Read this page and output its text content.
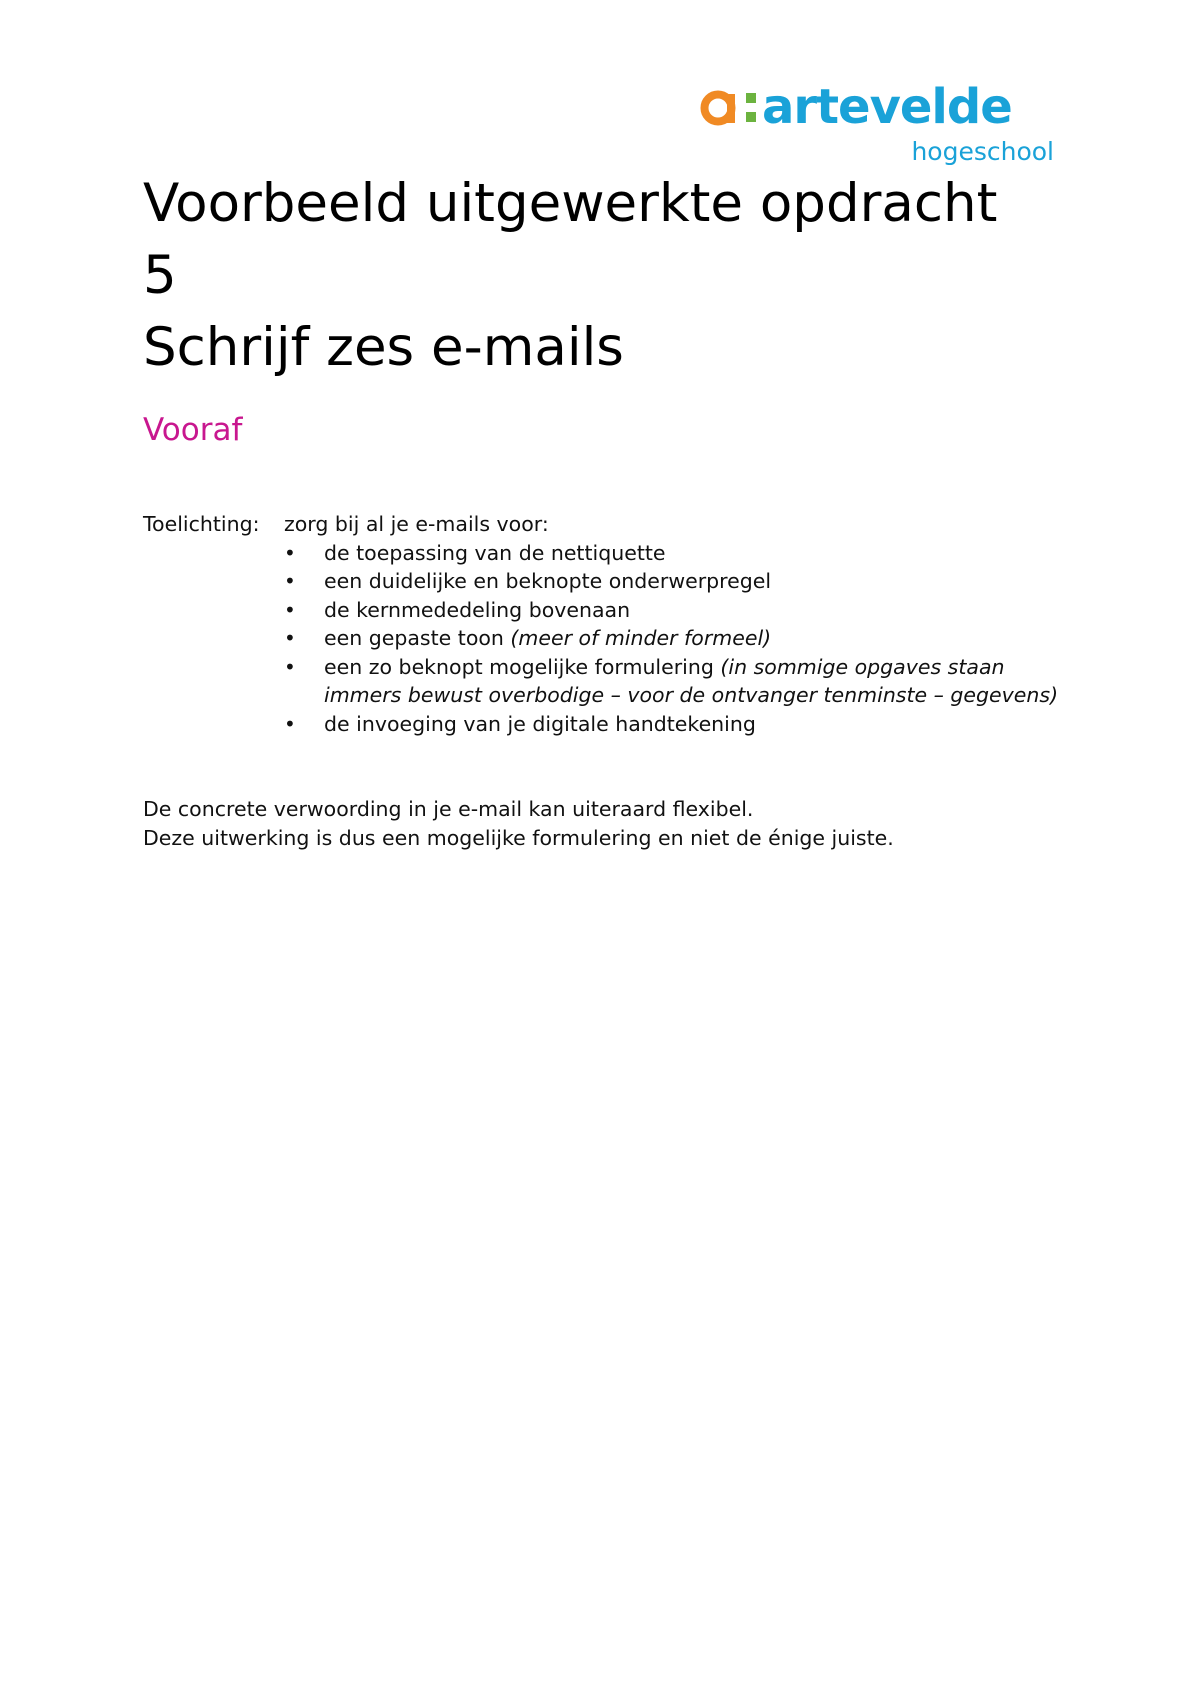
artevelde
hogeschool
Voorbeeld uitgewerkte opdracht
5
Schrijf zes e-mails
Vooraf
Toelichting:	zorg bij al je e-mails voor:
• de toepassing van de nettiquette
• een duidelijke en beknopte onderwerpregel
• de kernmededeling bovenaan
• een gepaste toon (meer of minder formeel)
• een zo beknopt mogelijke formulering (in sommige opgaves staan immers bewust overbodige – voor de ontvanger tenminste – gegevens)
• de invoeging van je digitale handtekening

De concrete verwoording in je e-mail kan uiteraard flexibel.

Deze uitwerking is dus een mogelijke formulering en niet de énige juiste.
